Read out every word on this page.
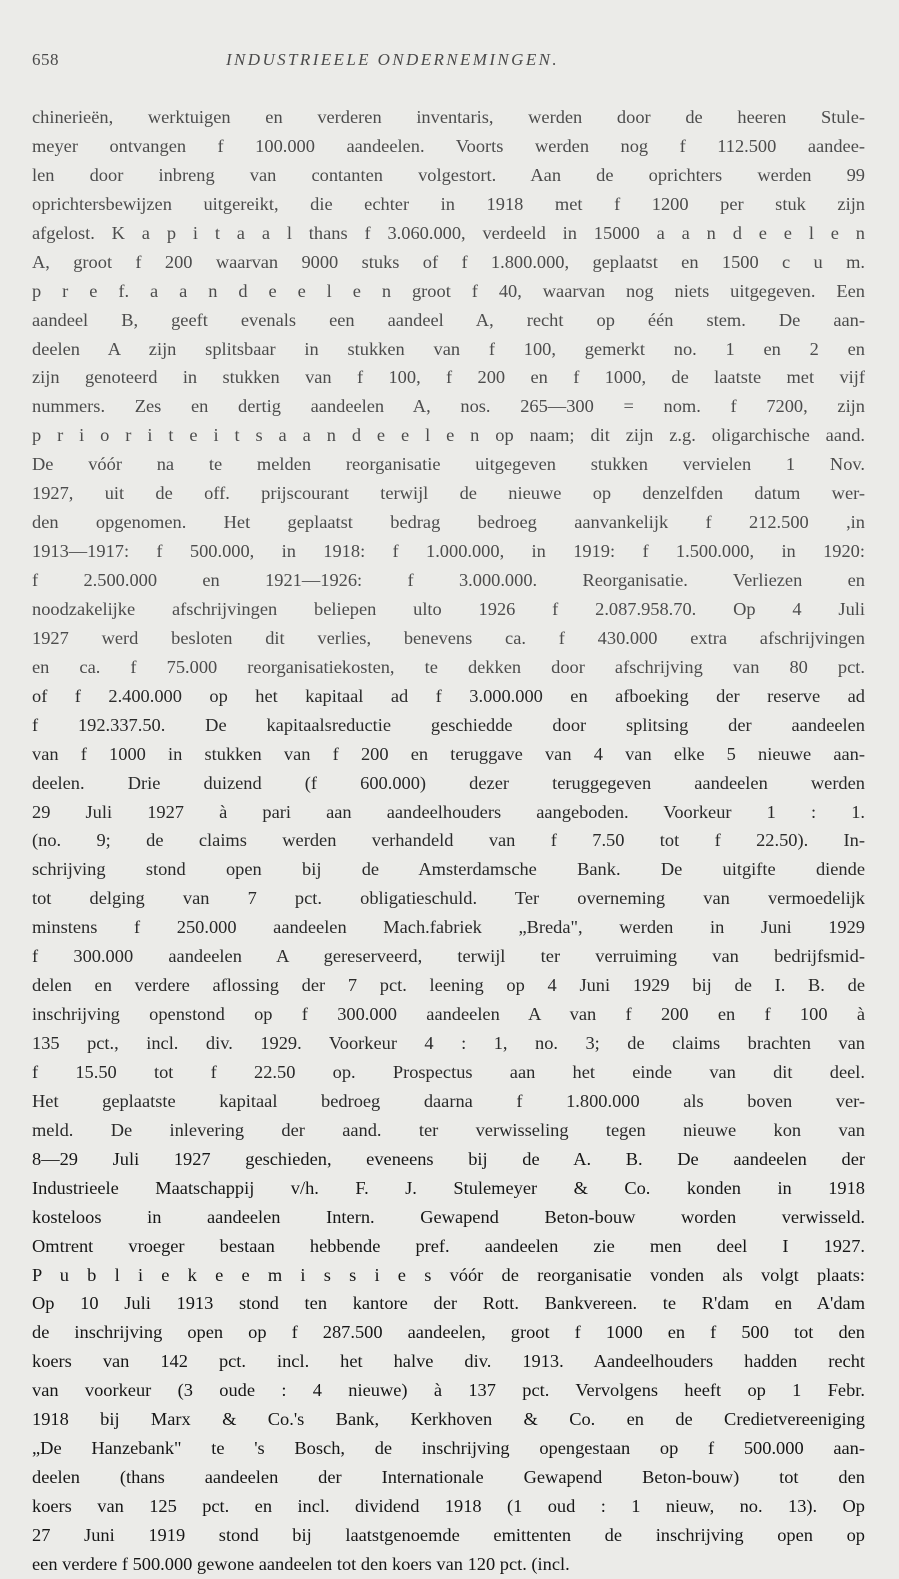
658	INDUSTRIEELE ONDERNEMINGEN.
chinerieën, werktuigen en verderen inventaris, werden door de heeren Stule-
meyer ontvangen f 100.000 aandeelen. Voorts werden nog f 112.500 aandee-
len door inbreng van contanten volgestort. Aan de oprichters werden 99
oprichtersbewijzen uitgereikt, die echter in 1918 met f 1200 per stuk zijn
afgelost. K a p i t a a l thans f 3.060.000, verdeeld in 15000 a a n d e e l e n
A, groot f 200 waarvan 9000 stuks of f 1.800.000, geplaatst en 1500 c u m.
p r e f. a a n d e e l e n groot f 40, waarvan nog niets uitgegeven. Een
aandeel B, geeft evenals een aandeel A, recht op één stem. De aan-
deelen A zijn splitsbaar in stukken van f 100, gemerkt no. 1 en 2 en
zijn genoteerd in stukken van f 100, f 200 en f 1000, de laatste met vijf
nummers. Zes en dertig aandeelen A, nos. 265—300 = nom. f 7200, zijn
p r i o r i t e i t s a a n d e e l e n op naam; dit zijn z.g. oligarchische aand.
De vóór na te melden reorganisatie uitgegeven stukken vervielen 1 Nov.
1927, uit de off. prijscourant terwijl de nieuwe op denzelfden datum wer-
den opgenomen. Het geplaatst bedrag bedroeg aanvankelijk f 212.500 ,in
1913—1917: f 500.000, in 1918: f 1.000.000, in 1919: f 1.500.000, in 1920:
f 2.500.000 en 1921—1926: f 3.000.000. Reorganisatie. Verliezen en
noodzakelijke afschrijvingen beliepen ulto 1926 f 2.087.958.70. Op 4 Juli
1927 werd besloten dit verlies, benevens ca. f 430.000 extra afschrijvingen
en ca. f 75.000 reorganisatiekosten, te dekken door afschrijving van 80 pct.
of f 2.400.000 op het kapitaal ad f 3.000.000 en afboeking der reserve ad
f 192.337.50. De kapitaalsreductie geschiedde door splitsing der aandeelen
van f 1000 in stukken van f 200 en teruggave van 4 van elke 5 nieuwe aan-
deelen. Drie duizend (f 600.000) dezer teruggegeven aandeelen werden
29 Juli 1927 à pari aan aandeelhouders aangeboden. Voorkeur 1 : 1.
(no. 9; de claims werden verhandeld van f 7.50 tot f 22.50). In-
schrijving stond open bij de Amsterdamsche Bank. De uitgifte diende
tot delging van 7 pct. obligatieschuld. Ter overneming van vermoedelijk
minstens f 250.000 aandeelen Mach.fabriek „Breda", werden in Juni 1929
f 300.000 aandeelen A gereserveerd, terwijl ter verruiming van bedrijfsmid-
delen en verdere aflossing der 7 pct. leening op 4 Juni 1929 bij de I. B. de
inschrijving openstond op f 300.000 aandeelen A van f 200 en f 100 à
135 pct., incl. div. 1929. Voorkeur 4 : 1, no. 3; de claims brachten van
f 15.50 tot f 22.50 op. Prospectus aan het einde van dit deel.
Het geplaatste kapitaal bedroeg daarna f 1.800.000 als boven ver-
meld. De inlevering der aand. ter verwisseling tegen nieuwe kon van
8—29 Juli 1927 geschieden, eveneens bij de A. B. De aandeelen der
Industrieele Maatschappij v/h. F. J. Stulemeyer & Co. konden in 1918
kosteloos in aandeelen Intern. Gewapend Beton-bouw worden verwisseld.
Omtrent vroeger bestaan hebbende pref. aandeelen zie men deel I 1927.
P u b l i e k e e m i s s i e s vóór de reorganisatie vonden als volgt plaats:
Op 10 Juli 1913 stond ten kantore der Rott. Bankvereen. te R'dam en A'dam
de inschrijving open op f 287.500 aandeelen, groot f 1000 en f 500 tot den
koers van 142 pct. incl. het halve div. 1913. Aandeelhouders hadden recht
van voorkeur (3 oude : 4 nieuwe) à 137 pct. Vervolgens heeft op 1 Febr.
1918 bij Marx & Co.'s Bank, Kerkhoven & Co. en de Credietvereeniging
„De Hanzebank" te 's Bosch, de inschrijving opengestaan op f 500.000 aan-
deelen (thans aandeelen der Internationale Gewapend Beton-bouw) tot den
koers van 125 pct. en incl. dividend 1918 (1 oud : 1 nieuw, no. 13). Op
27 Juni 1919 stond bij laatstgenoemde emittenten de inschrijving open op
een verdere f 500.000 gewone aandeelen tot den koers van 120 pct. (incl.
